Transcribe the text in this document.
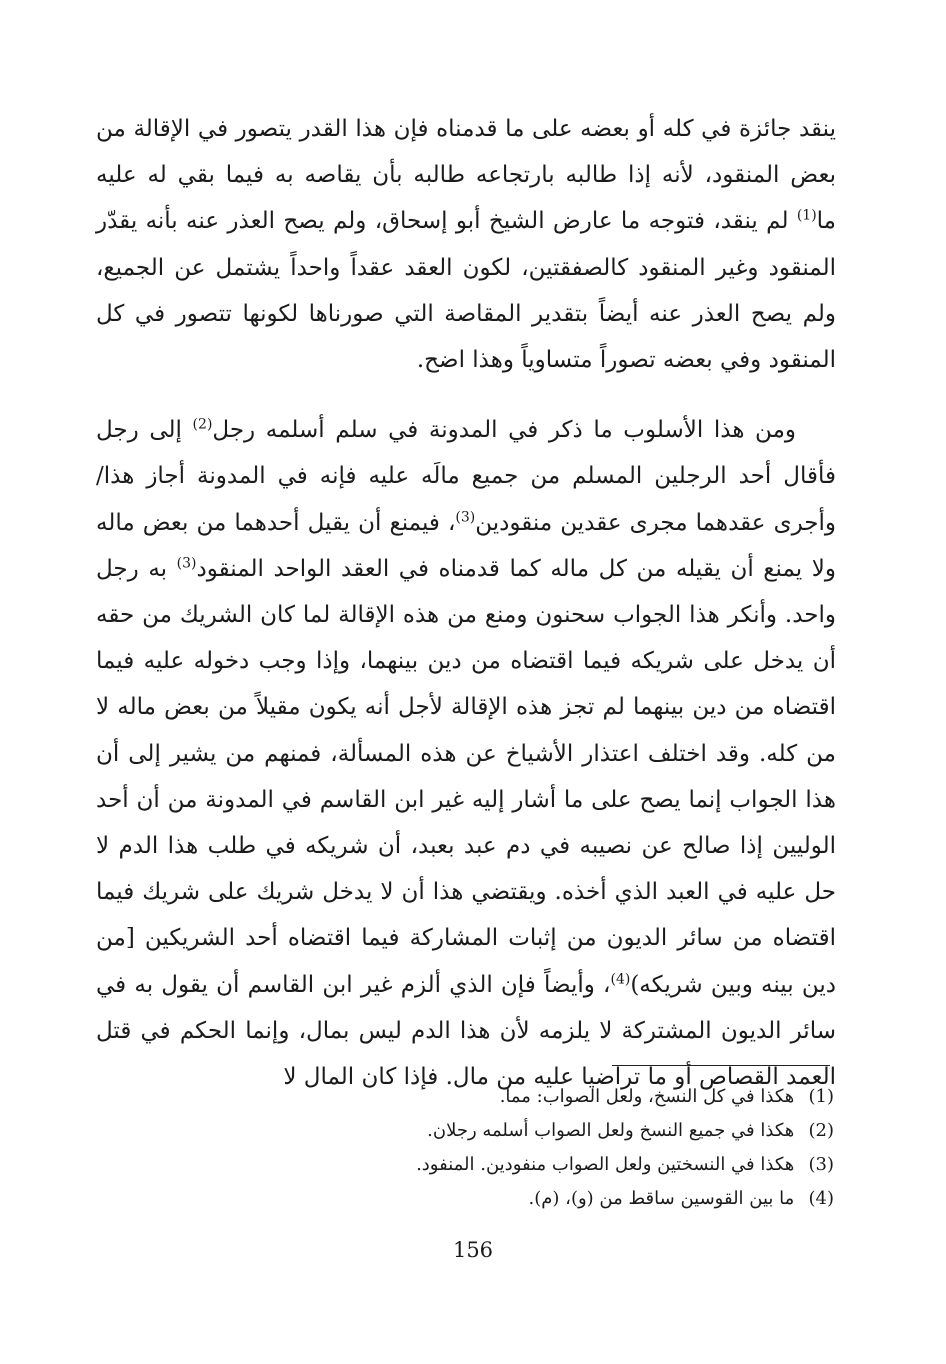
ينقد جائزة في كله أو بعضه على ما قدمناه فإن هذا القدر يتصور في الإقالة من بعض المنقود، لأنه إذا طالبه بارتجاعه طالبه بأن يقاصه به فيما بقي له عليه ما$^{(1)}$ لم ينقد، فتوجه ما عارض الشيخ أبو إسحاق، ولم يصح العذر عنه بأنه يقدّر المنقود وغير المنقود كالصفقتين، لكون العقد عقداً واحداً يشتمل عن الجميع، ولم يصح العذر عنه أيضاً بتقدير المقاصة التي صورناها لكونها تتصور في كل المنقود وفي بعضه تصوراً متساوياً وهذا اضح.

ومن هذا الأسلوب ما ذكر في المدونة في سلم أسلمه رجل$^{(2)}$ إلى رجل فأقال أحد الرجلين المسلم من جميع مالَه عليه فإنه في المدونة أجاز هذا/ وأجرى عقدهما مجرى عقدين منقودين$^{(3)}$، فيمنع أن يقيل أحدهما من بعض ماله ولا يمنع أن يقيله من كل ماله كما قدمناه في العقد الواحد المنقود$^{(3)}$ به رجل واحد. وأنكر هذا الجواب سحنون ومنع من هذه الإقالة لما كان الشريك من حقه أن يدخل على شريكه فيما اقتضاه من دين بينهما، وإذا وجب دخوله عليه فيما اقتضاه من دين بينهما لم تجز هذه الإقالة لأجل أنه يكون مقيلاً من بعض ماله لا من كله. وقد اختلف اعتذار الأشياخ عن هذه المسألة، فمنهم من يشير إلى أن هذا الجواب إنما يصح على ما أشار إليه غير ابن القاسم في المدونة من أن أحد الوليين إذا صالح عن نصيبه في دم عبد بعبد، أن شريكه في طلب هذا الدم لا حل عليه في العبد الذي أخذه. ويقتضي هذا أن لا يدخل شريك على شريك فيما اقتضاه من سائر الديون من إثبات المشاركة فيما اقتضاه أحد الشريكين [من دين بينه وبين شريكه)$^{(4)}$، وأيضاً فإن الذي ألزم غير ابن القاسم أن يقول به في سائر الديون المشتركة لا يلزمه لأن هذا الدم ليس بمال، وإنما الحكم في قتل العمد القصاص أو ما تراضيا عليه من مال. فإذا كان المال لا

(1) هكذا في كل النسخ، ولعل الصواب: مما.
(2) هكذا في جميع النسخ ولعل الصواب أسلمه رجلان.
(3) هكذا في النسختين ولعل الصواب منفودين. المنفود.
(4) ما بين القوسين ساقط من (و)، (م).
156
